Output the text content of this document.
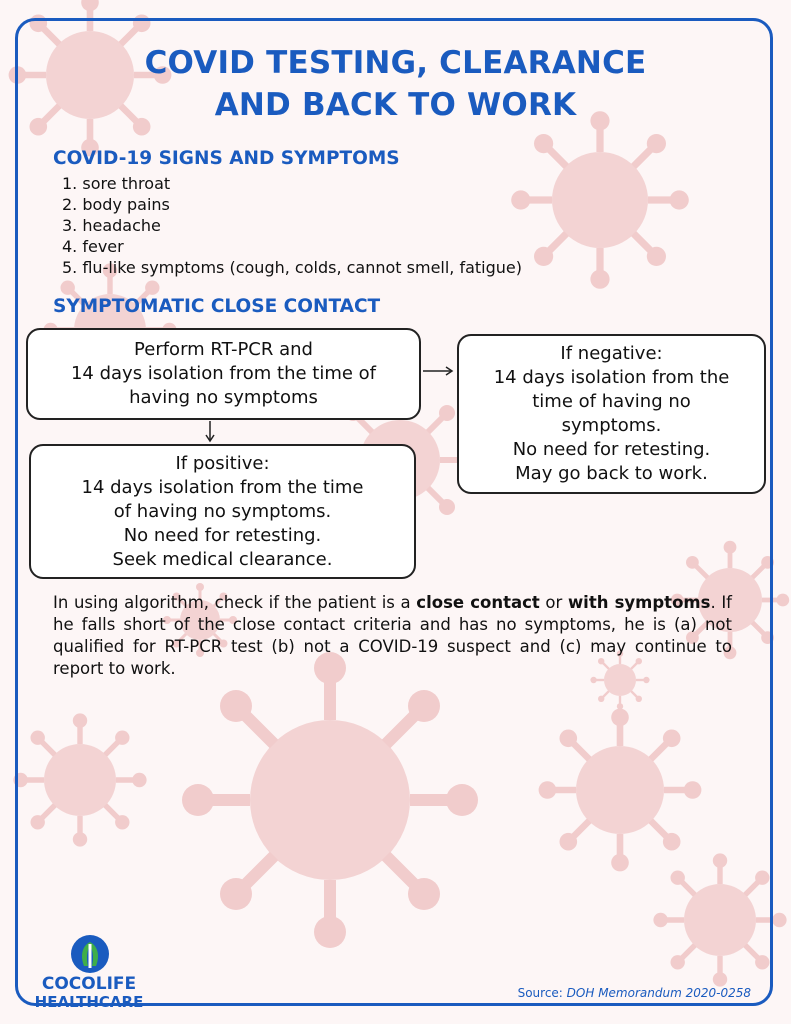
COVID TESTING, CLEARANCE
AND BACK TO WORK
COVID-19 SIGNS AND SYMPTOMS
1. sore throat
2. body pains
3. headache
4. fever
5. flu-like symptoms (cough, colds, cannot smell, fatigue)
SYMPTOMATIC CLOSE CONTACT
Perform RT-PCR and
14 days isolation from the time of
having no symptoms
If positive:
14 days isolation from the time
of having no symptoms.
No need for retesting.
Seek medical clearance.
If negative:
14 days isolation from the
time of having no
symptoms.
No need for retesting.
May go back to work.

In using algorithm, check if the patient is a close contact or with symptoms. If he falls short of the close contact criteria and has no symptoms, he is (a) not qualified for RT-PCR test (b) not a COVID-19 suspect and (c) may continue to report to work.

COCOLIFE
HEALTHCARE	Source: DOH Memorandum 2020-0258
